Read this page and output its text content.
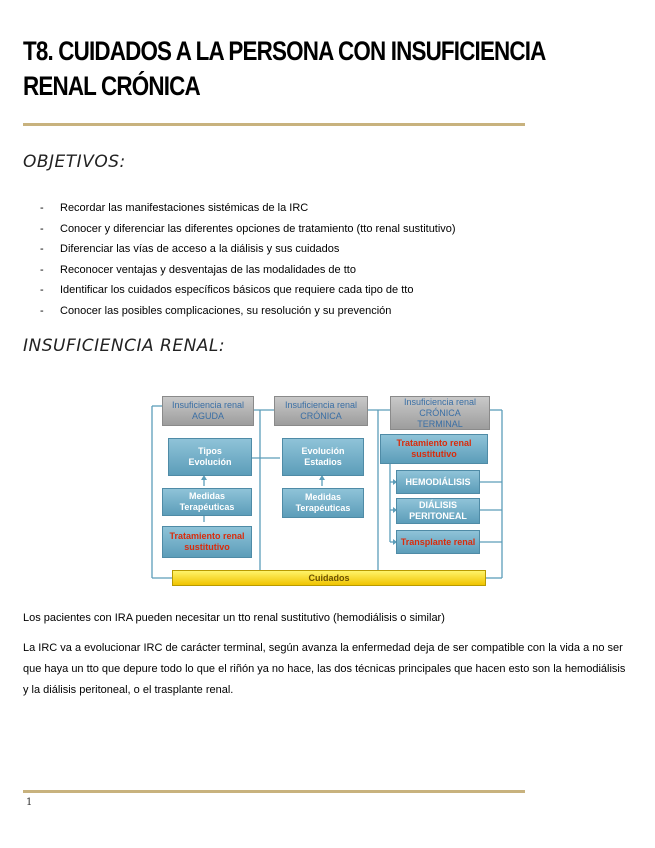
T8. CUIDADOS A LA PERSONA CON INSUFICIENCIA RENAL CRÓNICA
OBJETIVOS:
- Recordar las manifestaciones sistémicas de la IRC
- Conocer y diferenciar las diferentes opciones de tratamiento (tto renal sustitutivo)
- Diferenciar las vías de acceso a la diálisis y sus cuidados
- Reconocer ventajas y desventajas de las modalidades de tto
- Identificar los cuidados específicos básicos que requiere cada tipo de tto
- Conocer las posibles complicaciones, su resolución y su prevención
INSUFICIENCIA RENAL:
Insuficiencia renal
AGUDA
Insuficiencia renal
CRÓNICA
Insuficiencia renal
CRÓNICA
TERMINAL
Tipos
Evolución
Medidas
Terapéuticas
Tratamiento renal
sustitutivo
Evolución
Estadios
Medidas
Terapéuticas
Tratamiento renal
sustitutivo
HEMODIÁLISIS
DIÁLISIS
PERITONEAL
Transplante renal
Cuidados

Los pacientes con IRA pueden necesitar un tto renal sustitutivo (hemodiálisis o similar)

La IRC va a evolucionar IRC de carácter terminal, según avanza la enfermedad deja de ser compatible con la vida a no ser que haya un tto que depure todo lo que el riñón ya no hace, las dos técnicas principales que hacen esto son la hemodiálisis y la diálisis peritoneal, o el trasplante renal.

1
